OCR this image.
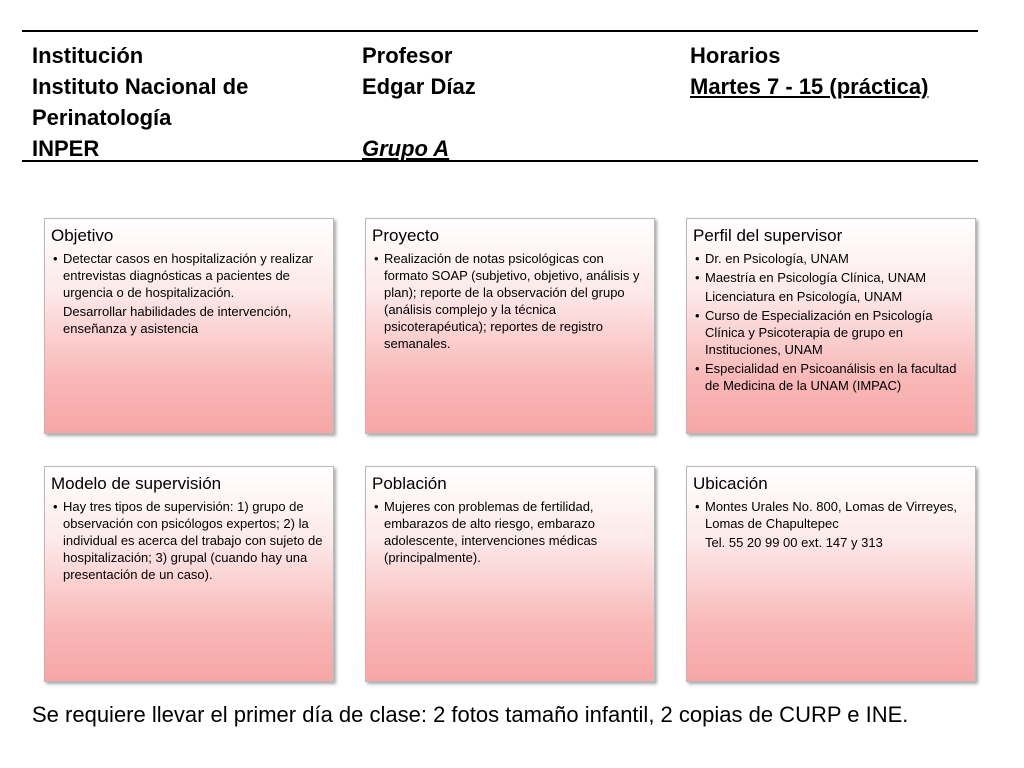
Institución
Instituto Nacional de
Perinatología
INPER
Profesor
Edgar Díaz
Grupo A
Horarios
Martes 7 - 15 (práctica)
Objetivo
• Detectar casos en hospitalización y realizar entrevistas diagnósticas a pacientes de urgencia o de hospitalización.
Desarrollar habilidades de intervención, enseñanza y asistencia
Proyecto
• Realización de notas psicológicas con formato SOAP (subjetivo, objetivo, análisis y plan); reporte de la observación del grupo (análisis complejo y la técnica psicoterapéutica); reportes de registro semanales.
Perfil del supervisor
• Dr. en Psicología, UNAM
• Maestría en Psicología Clínica, UNAM
Licenciatura en Psicología, UNAM
• Curso de Especialización en Psicología Clínica y Psicoterapia de grupo en Instituciones, UNAM
• Especialidad en Psicoanálisis en la facultad de Medicina de la UNAM (IMPAC)
Modelo de supervisión
• Hay tres tipos de supervisión: 1) grupo de observación con psicólogos expertos; 2) la individual es acerca del trabajo con sujeto de hospitalización; 3) grupal (cuando hay una presentación de un caso).
Población
• Mujeres con problemas de fertilidad, embarazos de alto riesgo, embarazo adolescente, intervenciones médicas (principalmente).
Ubicación
• Montes Urales No. 800, Lomas de Virreyes, Lomas de Chapultepec
Tel. 55 20 99 00 ext. 147 y 313
Se requiere llevar el primer día de clase: 2 fotos tamaño infantil, 2 copias de CURP e INE.
